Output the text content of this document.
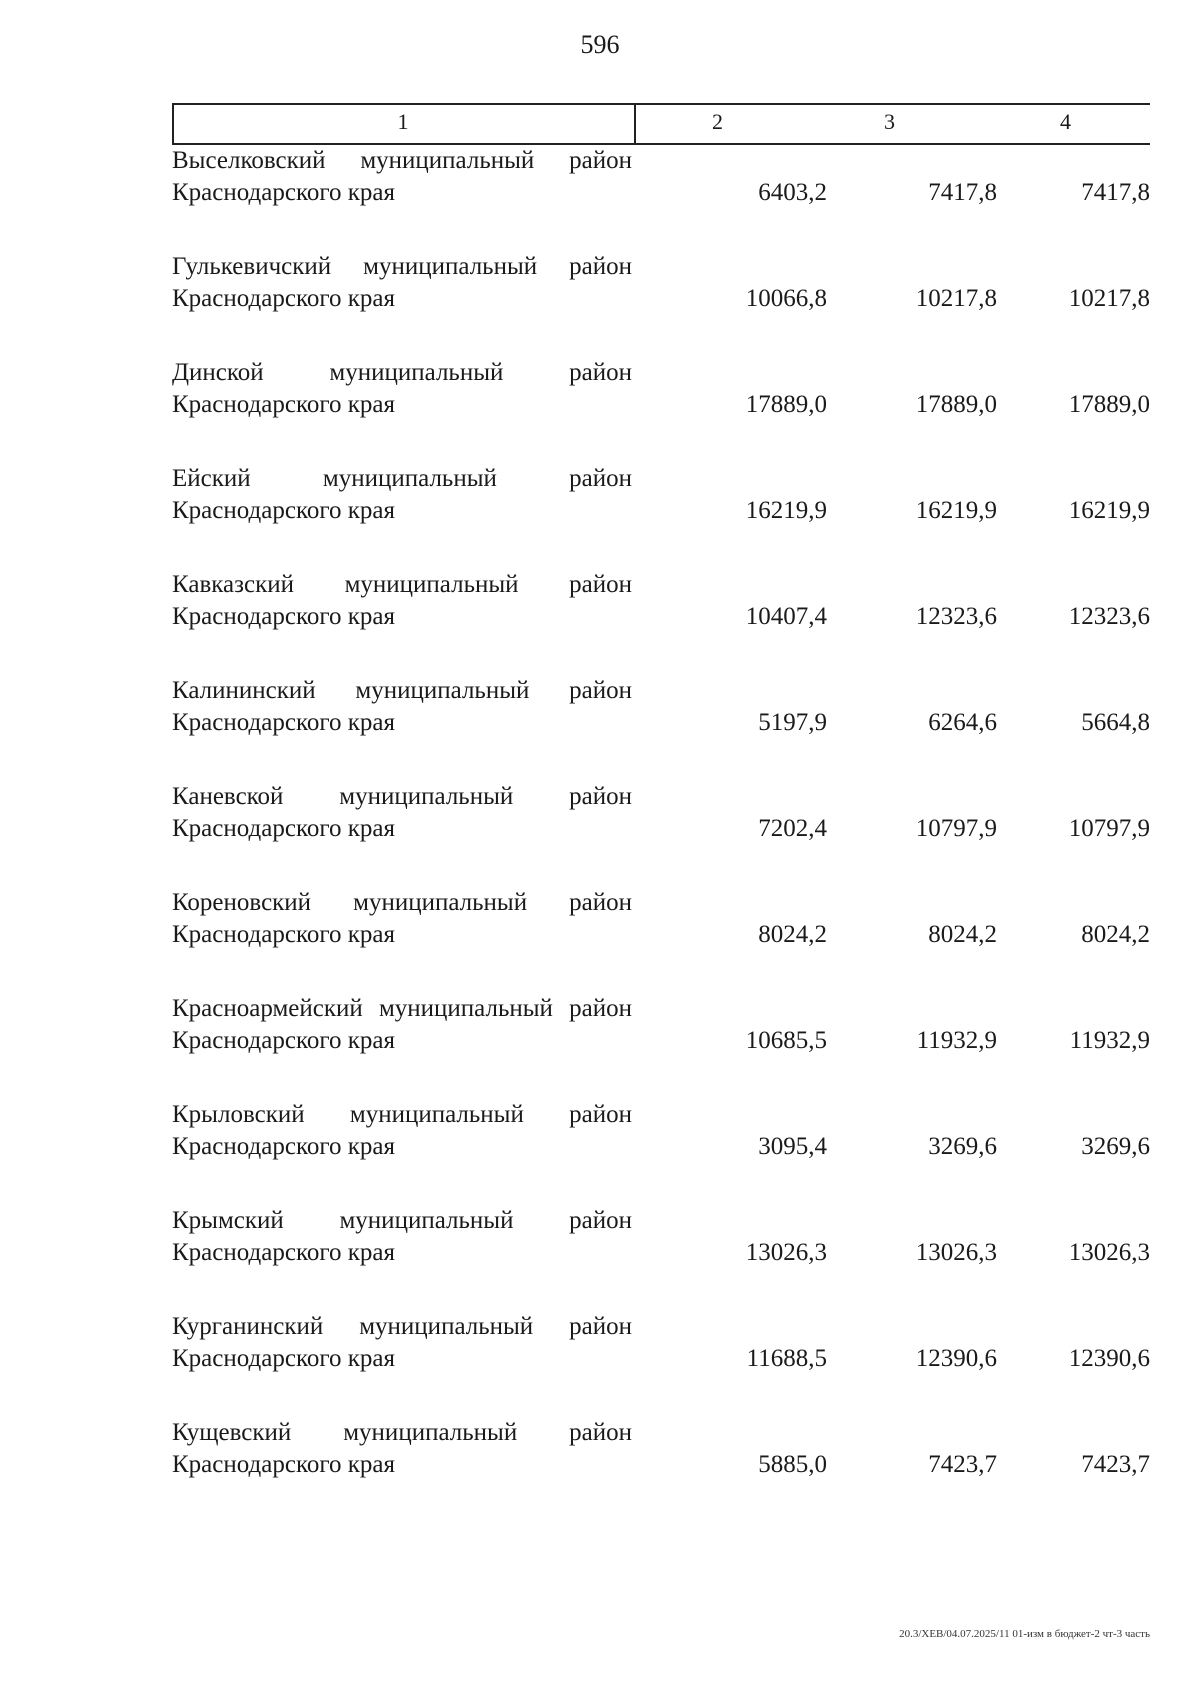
596
1	2	3	4
Выселковский муниципальный район Краснодарского края	6403,2	7417,8	7417,8
Гулькевичский муниципальный район Краснодарского края	10066,8	10217,8	10217,8
Динской муниципальный район Краснодарского края	17889,0	17889,0	17889,0
Ейский муниципальный район Краснодарского края	16219,9	16219,9	16219,9
Кавказский муниципальный район Краснодарского края	10407,4	12323,6	12323,6
Калининский муниципальный район Краснодарского края	5197,9	6264,6	5664,8
Каневской муниципальный район Краснодарского края	7202,4	10797,9	10797,9
Кореновский муниципальный район Краснодарского края	8024,2	8024,2	8024,2
Красноармейский муниципальный район Краснодарского края	10685,5	11932,9	11932,9
Крыловский муниципальный район Краснодарского края	3095,4	3269,6	3269,6
Крымский муниципальный район Краснодарского края	13026,3	13026,3	13026,3
Курганинский муниципальный район Краснодарского края	11688,5	12390,6	12390,6
Кущевский муниципальный район Краснодарского края	5885,0	7423,7	7423,7
20.3/ХЕВ/04.07.2025/11 01-изм в бюджет-2 чт-3 часть
